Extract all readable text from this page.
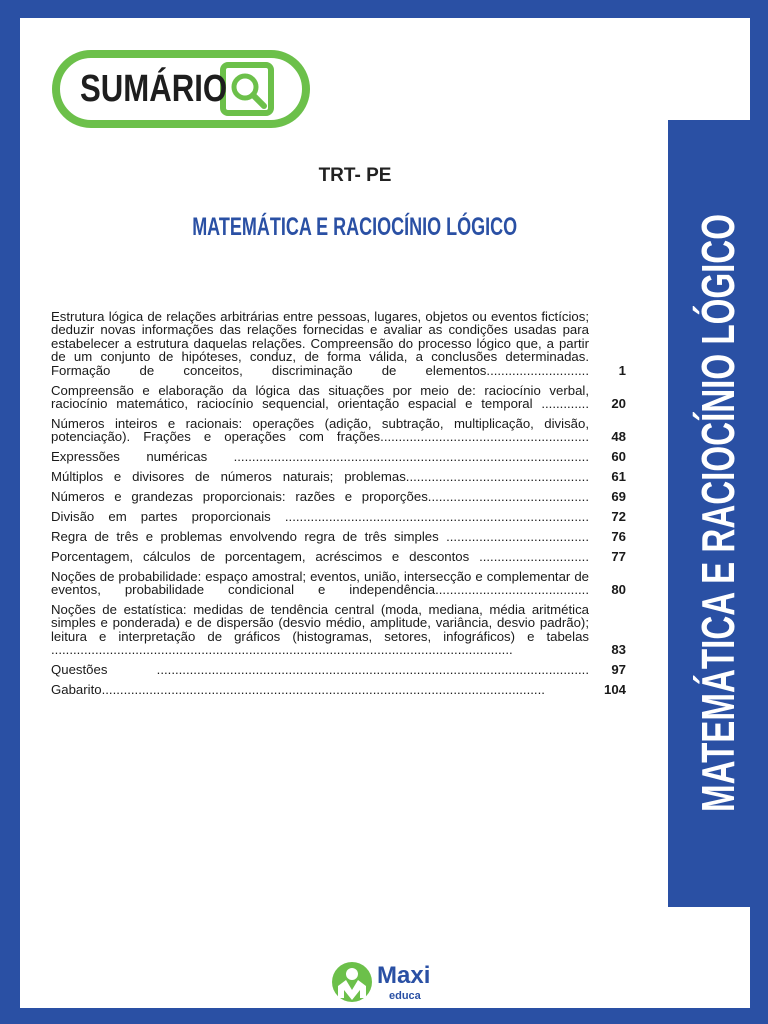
MATEMÁTICA E RACIOCÍNIO LÓGICO
SUMÁRIO
TRT- PE
MATEMÁTICA E RACIOCÍNIO LÓGICO
Estrutura lógica de relações arbitrárias entre pessoas, lugares, objetos ou eventos fictícios; deduzir novas informações das relações fornecidas e avaliar as condições usadas para estabelecer a estrutura daquelas relações. Compreensão do processo lógico que, a partir de um conjunto de hipóteses, conduz, de forma válida, a conclusões determinadas. Formação de conceitos, discriminação de elementos............................	1
Compreensão e elaboração da lógica das situações por meio de: raciocínio verbal, raciocínio matemático, raciocínio sequencial, orientação espacial e temporal .............	20
Números inteiros e racionais: operações (adição, subtração, multiplicação, divisão, potenciação). Frações e operações com frações.........................................................	48
Expressões numéricas .................................................................................................	60
Múltiplos e divisores de números naturais; problemas..................................................	61
Números e grandezas proporcionais: razões e proporções............................................	69
Divisão em partes proporcionais ...................................................................................	72
Regra de três e problemas envolvendo regra de três simples .......................................	76
Porcentagem, cálculos de porcentagem, acréscimos e descontos ..............................	77
Noções de probabilidade: espaço amostral; eventos, união, intersecção e complementar de eventos, probabilidade condicional e independência..........................................	80
Noções de estatística: medidas de tendência central (moda, mediana, média aritmética simples e ponderada) e de dispersão (desvio médio, amplitude, variância, desvio padrão); leitura e interpretação de gráficos (histogramas, setores, infográficos) e tabelas ..............................................................................................................................	83
Questões ......................................................................................................................	97
Gabarito.........................................................................................................................	104
Maxi
educa
